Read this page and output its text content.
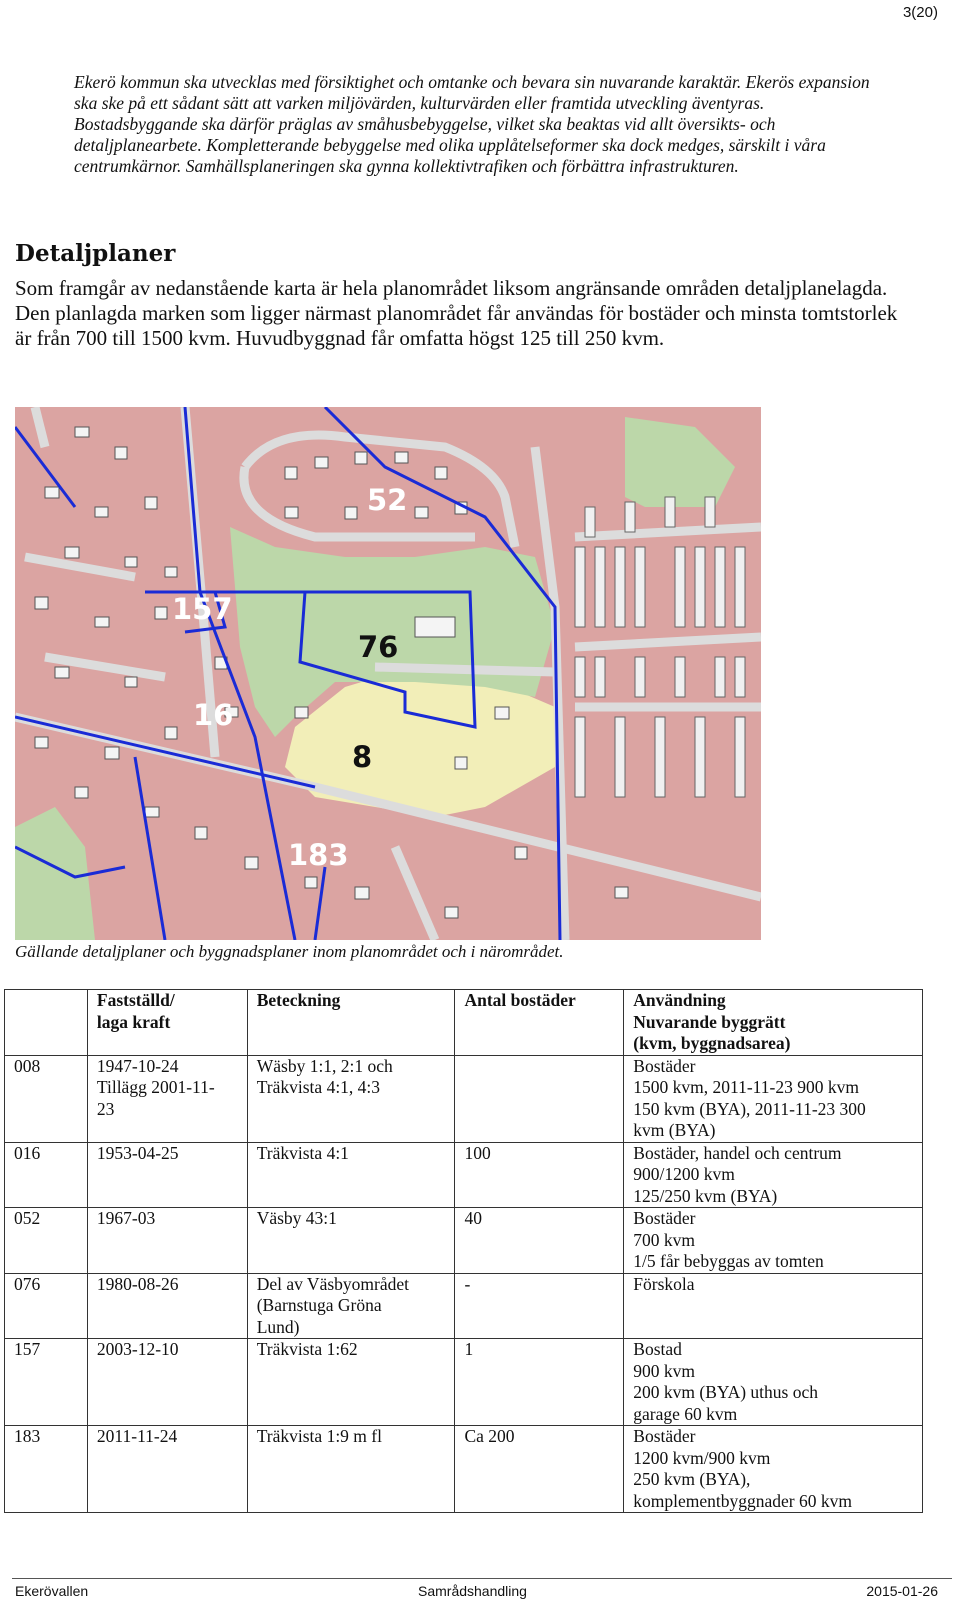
3(20)

Ekerö kommun ska utvecklas med försiktighet och omtanke och bevara sin nuvarande karaktär. Ekerös expansion ska ske på ett sådant sätt att varken miljövärden, kulturvärden eller framtida utveckling äventyras. Bostadsbyggande ska därför präglas av småhusbebyggelse, vilket ska beaktas vid allt översikts- och detaljplanearbete. Kompletterande bebyggelse med olika upplåtelseformer ska dock medges, särskilt i våra centrumkärnor. Samhällsplaneringen ska gynna kollektivtrafiken och förbättra infrastrukturen.

Detaljplaner

Som framgår av nedanstående karta är hela planområdet liksom angränsande områden detaljplanelagda. Den planlagda marken som ligger närmast planområdet får användas för bostäder och minsta tomtstorlek är från 700 till 1500 kvm. Huvudbyggnad får omfatta högst 125 till 250 kvm.

52
157
76
16
8
183
Gällande detaljplaner och byggnadsplaner inom planområdet och i närområdet.
	Fastställd/
laga kraft	Beteckning	Antal bostäder	Användning
Nuvarande byggrätt
(kvm, byggnadsarea)
008	1947-10-24
Tillägg 2001-11-
23	Wäsby 1:1, 2:1 och
Träkvista 4:1, 4:3		Bostäder
1500 kvm, 2011-11-23 900 kvm
150 kvm (BYA), 2011-11-23 300
kvm (BYA)
016	1953-04-25	Träkvista 4:1	100	Bostäder, handel och centrum
900/1200 kvm
125/250 kvm (BYA)
052	1967-03	Väsby 43:1	40	Bostäder
700 kvm
1/5 får bebyggas av tomten
076	1980-08-26	Del av Väsbyområdet
(Barnstuga Gröna
Lund)	-	Förskola
157	2003-12-10	Träkvista 1:62	1	Bostad
900 kvm
200 kvm (BYA) uthus och
garage 60 kvm
183	2011-11-24	Träkvista 1:9 m fl	Ca 200	Bostäder
1200 kvm/900 kvm
250 kvm (BYA),
komplementbyggnader 60 kvm
Ekerövallen	Samrådshandling	2015-01-26
